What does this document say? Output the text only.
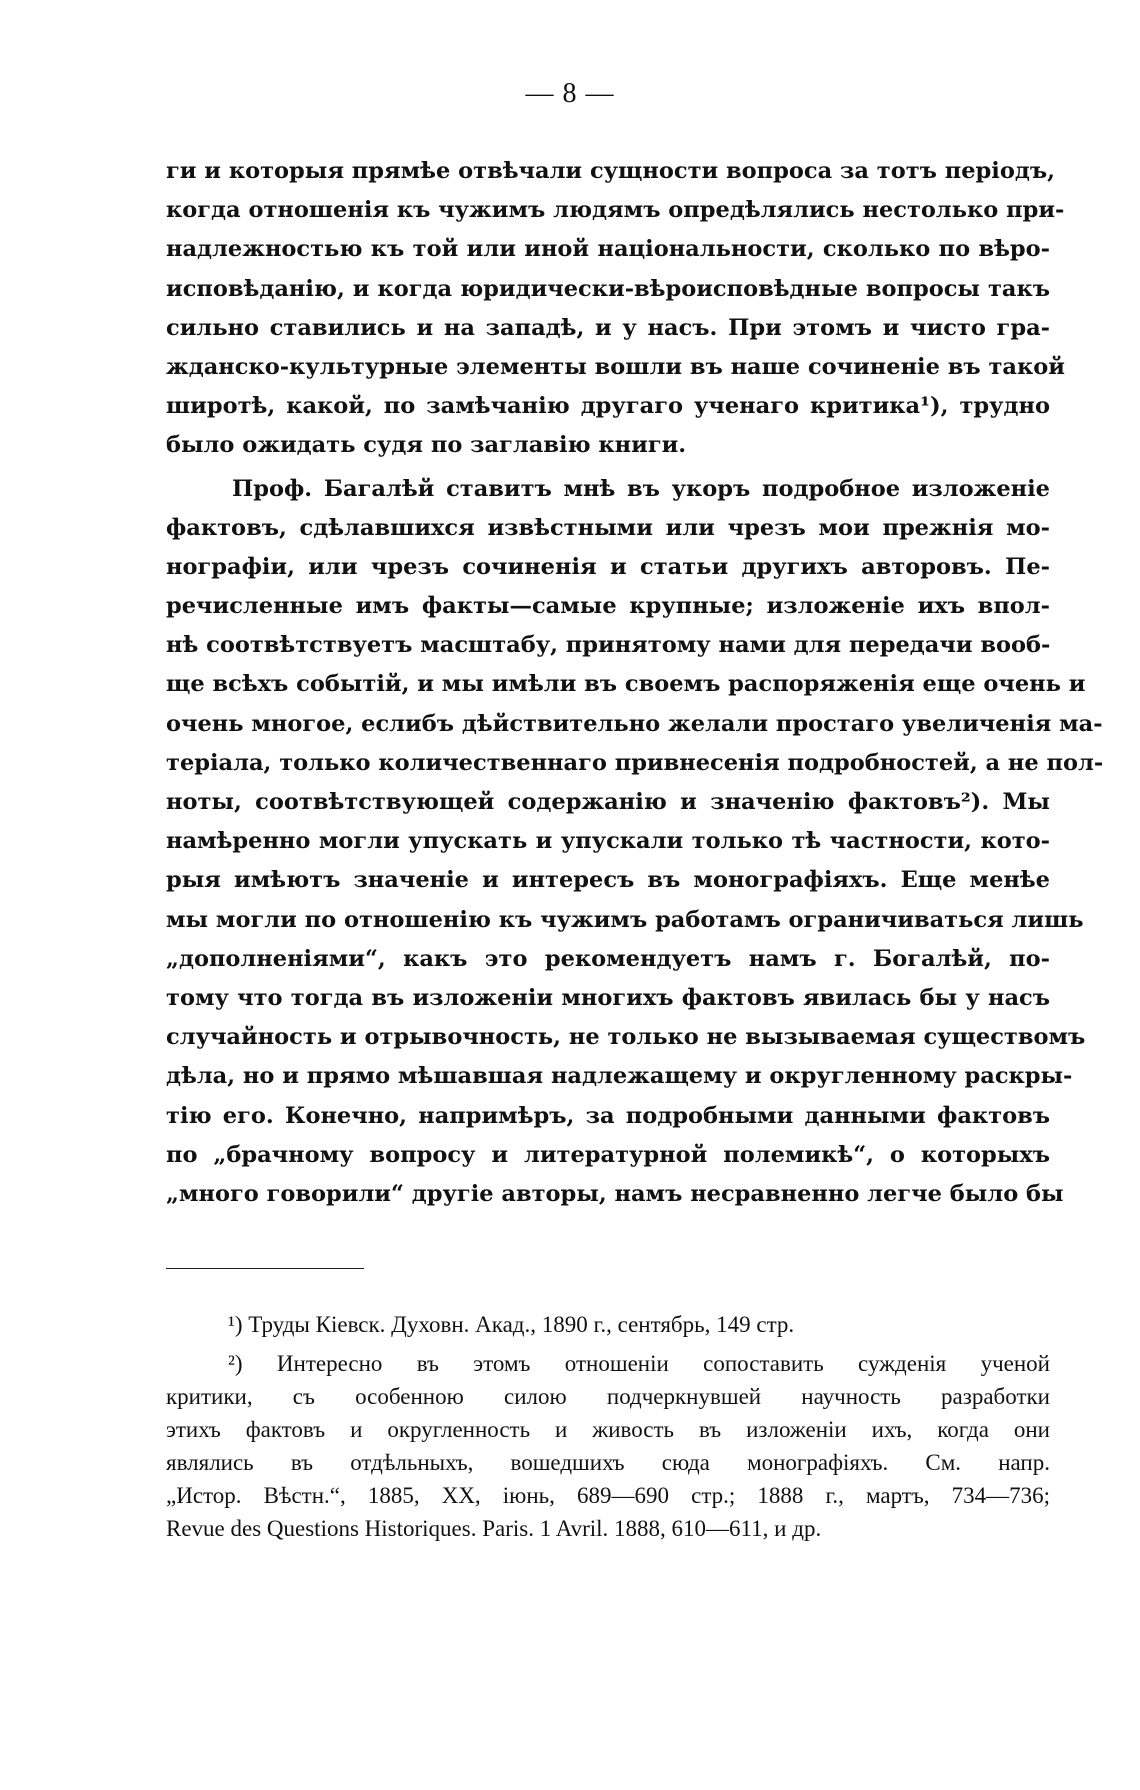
— 8 —
ги и которыя прямѣе отвѣчали сущности вопроса за тотъ періодъ,
когда отношенія къ чужимъ людямъ опредѣлялись нестолько при-
надлежностью къ той или иной національности, сколько по вѣро-
исповѣданію, и когда юридически-вѣроисповѣдные вопросы такъ
сильно ставились и на западѣ, и у насъ. При этомъ и чисто гра-
жданско-культурные элементы вошли въ наше сочиненіе въ такой
широтѣ, какой, по замѣчанію другаго ученаго критика¹), трудно
было ожидать судя по заглавію книги.
Проф. Багалѣй ставитъ мнѣ въ укоръ подробное изложеніе
фактовъ, сдѣлавшихся извѣстными или чрезъ мои прежнія мо-
нографіи, или чрезъ сочиненія и статьи другихъ авторовъ. Пе-
речисленные имъ факты—самые крупные; изложеніе ихъ впол-
нѣ соотвѣтствуетъ масштабу, принятому нами для передачи вооб-
ще всѣхъ событій, и мы имѣли въ своемъ распоряженія еще очень и
очень многое, еслибъ дѣйствительно желали простаго увеличенія ма-
теріала, только количественнаго привнесенія подробностей, а не пол-
ноты, соотвѣтствующей содержанію и значенію фактовъ²). Мы
намѣренно могли упускать и упускали только тѣ частности, кото-
рыя имѣютъ значеніе и интересъ въ монографіяхъ. Еще менѣе
мы могли по отношенію къ чужимъ работамъ ограничиваться лишь
„дополненіями“, какъ это рекомендуетъ намъ г. Богалѣй, по-
тому что тогда въ изложеніи многихъ фактовъ явилась бы у насъ
случайность и отрывочность, не только не вызываемая существомъ
дѣла, но и прямо мѣшавшая надлежащему и округленному раскры-
тію его. Конечно, напримѣръ, за подробными данными фактовъ
по „брачному вопросу и литературной полемикѣ“, о которыхъ
„много говорили“ другіе авторы, намъ несравненно легче было бы
¹) Труды Кіевск. Духовн. Акад., 1890 г., сентябрь, 149 стр.
²) Интересно въ этомъ отношеніи сопоставить сужденія ученой
критики, съ особенною силою подчеркнувшей научность разработки
этихъ фактовъ и округленность и живость въ изложеніи ихъ, когда они
являлись въ отдѣльныхъ, вошедшихъ сюда монографіяхъ. См. напр.
„Истор. Вѣстн.“, 1885, XX, іюнь, 689—690 стр.; 1888 г., мартъ, 734—736;
Revue des Questions Historiques. Paris. 1 Avril. 1888, 610—611, и др.
